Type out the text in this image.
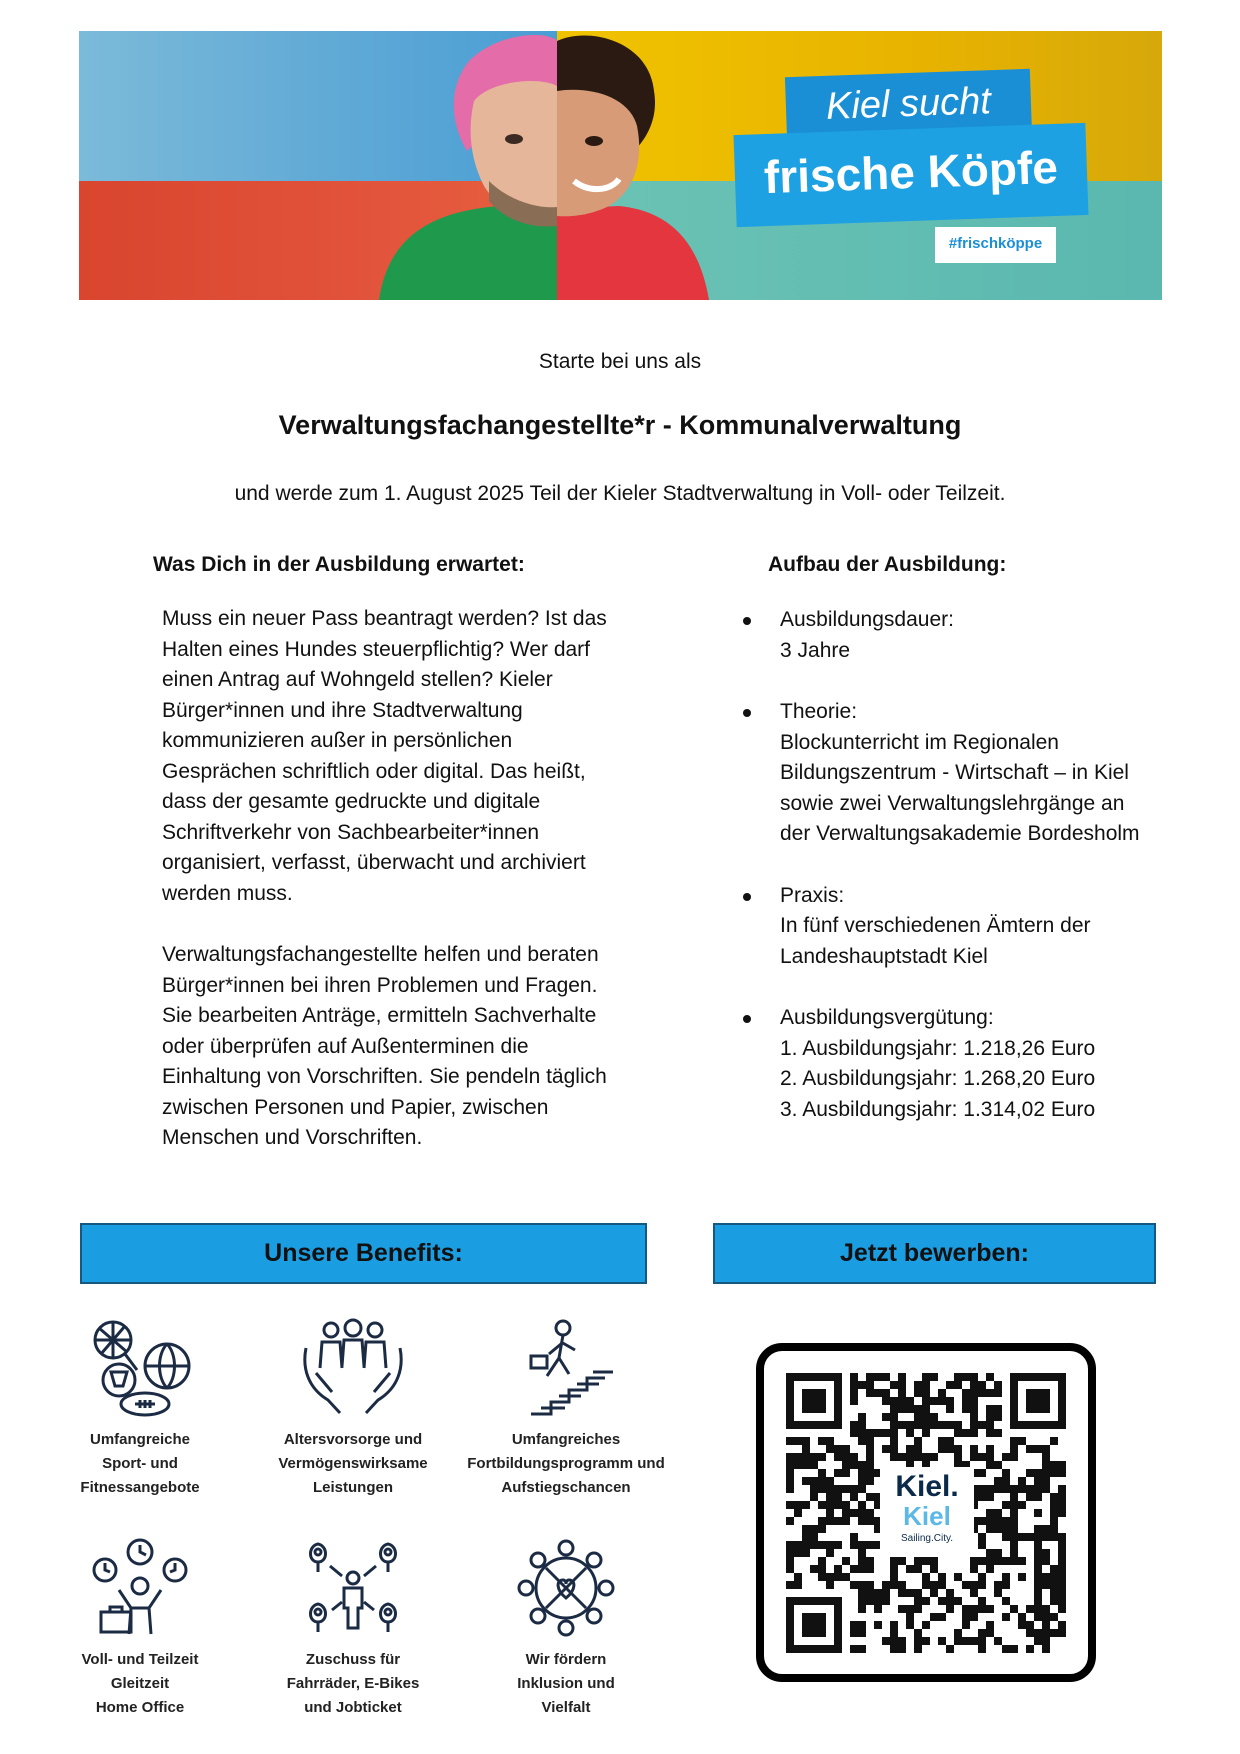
Kiel sucht
frische Köpfe
#frischköppe
Starte bei uns als
Verwaltungsfachangestellte*r - Kommunalverwaltung
und werde zum 1. August 2025 Teil der Kieler Stadtverwaltung in Voll- oder Teilzeit.
Was Dich in der Ausbildung erwartet:

Muss ein neuer Pass beantragt werden? Ist das Halten eines Hundes steuerpflichtig? Wer darf einen Antrag auf Wohngeld stellen? Kieler Bürger*innen und ihre Stadtverwaltung kommunizieren außer in persönlichen Gesprächen schriftlich oder digital. Das heißt, dass der gesamte gedruckte und digitale Schriftverkehr von Sachbearbeiter*innen organisiert, verfasst, überwacht und archiviert werden muss.

Verwaltungsfachangestellte helfen und beraten Bürger*innen bei ihren Problemen und Fragen. Sie bearbeiten Anträge, ermitteln Sachverhalte oder überprüfen auf Außenterminen die Einhaltung von Vorschriften. Sie pendeln täglich zwischen Personen und Papier, zwischen Menschen und Vorschriften.

Aufbau der Ausbildung:
Ausbildungsdauer:
3 Jahre
Theorie:
Blockunterricht im Regionalen Bildungszentrum - Wirtschaft – in Kiel sowie zwei Verwaltungslehrgänge an der Verwaltungsakademie Bordesholm
Praxis:
In fünf verschiedenen Ämtern der Landeshauptstadt Kiel
Ausbildungsvergütung:
1. Ausbildungsjahr: 1.218,26 Euro
2. Ausbildungsjahr: 1.268,20 Euro
3. Ausbildungsjahr: 1.314,02 Euro
Unsere Benefits:	Jetzt bewerben:
Umfangreiche
Sport- und
Fitnessangebote
Altersvorsorge und
Vermögenswirksame
Leistungen
Umfangreiches
Fortbildungsprogramm und
Aufstiegschancen
Voll- und Teilzeit
Gleitzeit
Home Office
Zuschuss für
Fahrräder, E-Bikes
und Jobticket
Wir fördern
Inklusion und
Vielfalt
Kiel.
Kiel
Sailing.City.
